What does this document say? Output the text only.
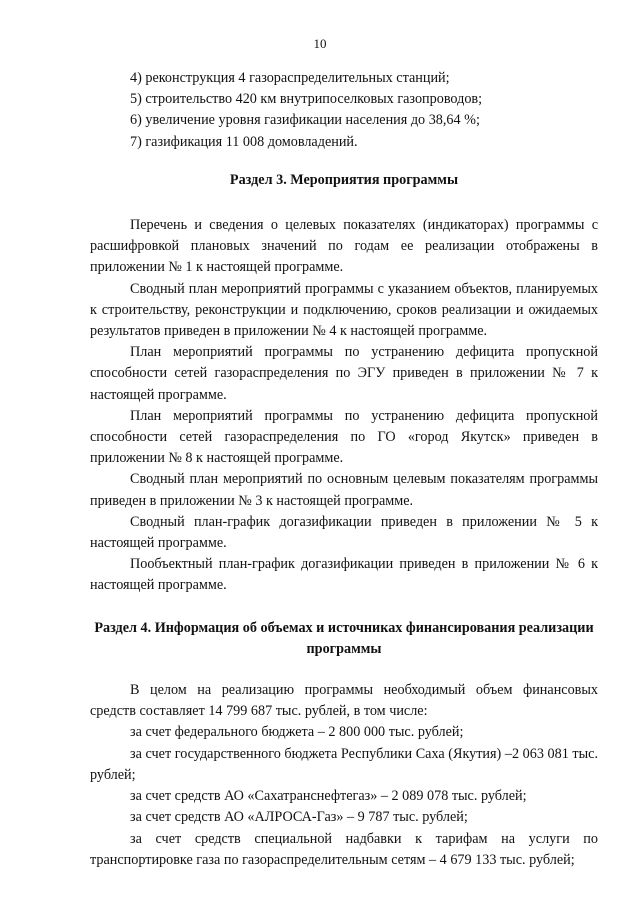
10

4) реконструкция 4 газораспределительных станций;

5) строительство 420 км внутрипоселковых газопроводов;

6) увеличение уровня газификации населения до 38,64 %;

7) газификация 11 008 домовладений.

Раздел 3. Мероприятия программы

Перечень и сведения о целевых показателях (индикаторах) программы с расшифровкой плановых значений по годам ее реализации отображены в приложении № 1 к настоящей программе.

Сводный план мероприятий программы с указанием объектов, планируемых к строительству, реконструкции и подключению, сроков реализации и ожидаемых результатов приведен в приложении № 4 к настоящей программе.

План мероприятий программы по устранению дефицита пропускной способности сетей газораспределения по ЭГУ приведен в приложении № 7 к настоящей программе.

План мероприятий программы по устранению дефицита пропускной способности сетей газораспределения по ГО «город Якутск» приведен в приложении № 8 к настоящей программе.

Сводный план мероприятий по основным целевым показателям программы приведен в приложении № 3 к настоящей программе.

Сводный план-график догазификации приведен в приложении № 5 к настоящей программе.

Пообъектный план-график догазификации приведен в приложении № 6 к настоящей программе.

Раздел 4. Информация об объемах и источниках финансирования реализации программы

В целом на реализацию программы необходимый объем финансовых средств составляет 14 799 687 тыс. рублей, в том числе:

за счет федерального бюджета – 2 800 000 тыс. рублей;

за счет государственного бюджета Республики Саха (Якутия) –2 063 081 тыс. рублей;

за счет средств АО «Сахатранснефтегаз» – 2 089 078 тыс. рублей;

за счет средств АО «АЛРОСА-Газ» – 9 787 тыс. рублей;

за счет средств специальной надбавки к тарифам на услуги по транспортировке газа по газораспределительным сетям – 4 679 133 тыс. рублей;
